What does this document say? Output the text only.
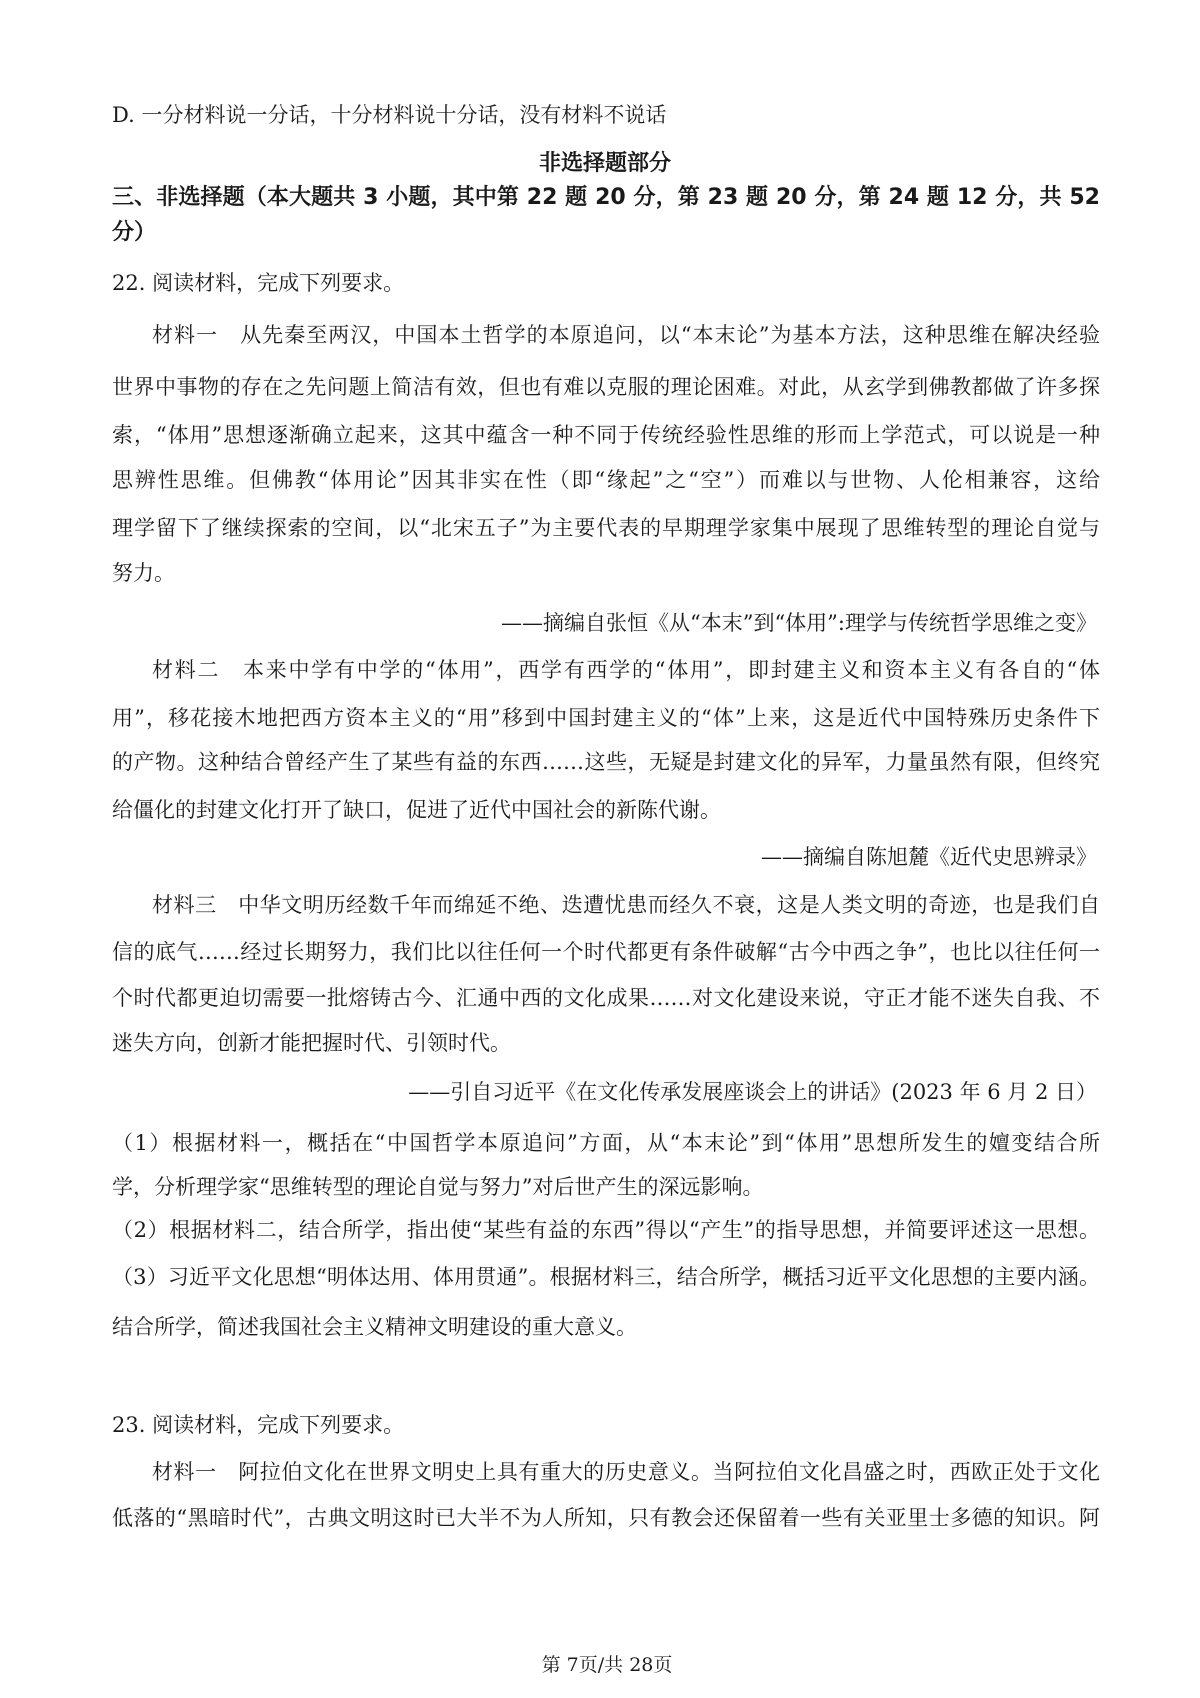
D. 一分材料说一分话，十分材料说十分话，没有材料不说话
非选择题部分
三、非选择题（本大题共 3 小题，其中第 22 题 20 分，第 23 题 20 分，第 24 题 12 分，共 52
分）
22. 阅读材料，完成下列要求。
材料一　从先秦至两汉，中国本土哲学的本原追问，以“本末论”为基本方法，这种思维在解决经验
世界中事物的存在之先问题上简洁有效，但也有难以克服的理论困难。对此，从玄学到佛教都做了许多探
索，“体用”思想逐渐确立起来，这其中蕴含一种不同于传统经验性思维的形而上学范式，可以说是一种
思辨性思维。但佛教“体用论”因其非实在性（即“缘起”之“空”）而难以与世物、人伦相兼容，这给
理学留下了继续探索的空间，以“北宋五子”为主要代表的早期理学家集中展现了思维转型的理论自觉与
努力。
——摘编自张恒《从“本末”到“体用”:理学与传统哲学思维之变》
材料二　本来中学有中学的“体用”，西学有西学的“体用”，即封建主义和资本主义有各自的“体
用”，移花接木地把西方资本主义的“用”移到中国封建主义的“体”上来，这是近代中国特殊历史条件下
的产物。这种结合曾经产生了某些有益的东西……这些，无疑是封建文化的异军，力量虽然有限，但终究
给僵化的封建文化打开了缺口，促进了近代中国社会的新陈代谢。
——摘编自陈旭麓《近代史思辨录》
材料三　中华文明历经数千年而绵延不绝、迭遭忧患而经久不衰，这是人类文明的奇迹，也是我们自
信的底气……经过长期努力，我们比以往任何一个时代都更有条件破解“古今中西之争”，也比以往任何一
个时代都更迫切需要一批熔铸古今、汇通中西的文化成果……对文化建设来说，守正才能不迷失自我、不
迷失方向，创新才能把握时代、引领时代。
——引自习近平《在文化传承发展座谈会上的讲话》(2023 年 6 月 2 日）
（1）根据材料一，概括在“中国哲学本原追问”方面，从“本末论”到“体用”思想所发生的嬗变结合所
学，分析理学家“思维转型的理论自觉与努力”对后世产生的深远影响。
（2）根据材料二，结合所学，指出使“某些有益的东西”得以“产生”的指导思想，并简要评述这一思想。
（3）习近平文化思想“明体达用、体用贯通”。根据材料三，结合所学，概括习近平文化思想的主要内涵。
结合所学，简述我国社会主义精神文明建设的重大意义。
23. 阅读材料，完成下列要求。
材料一　阿拉伯文化在世界文明史上具有重大的历史意义。当阿拉伯文化昌盛之时，西欧正处于文化
低落的“黑暗时代”，古典文明这时已大半不为人所知，只有教会还保留着一些有关亚里士多德的知识。阿
第 7页/共 28页
